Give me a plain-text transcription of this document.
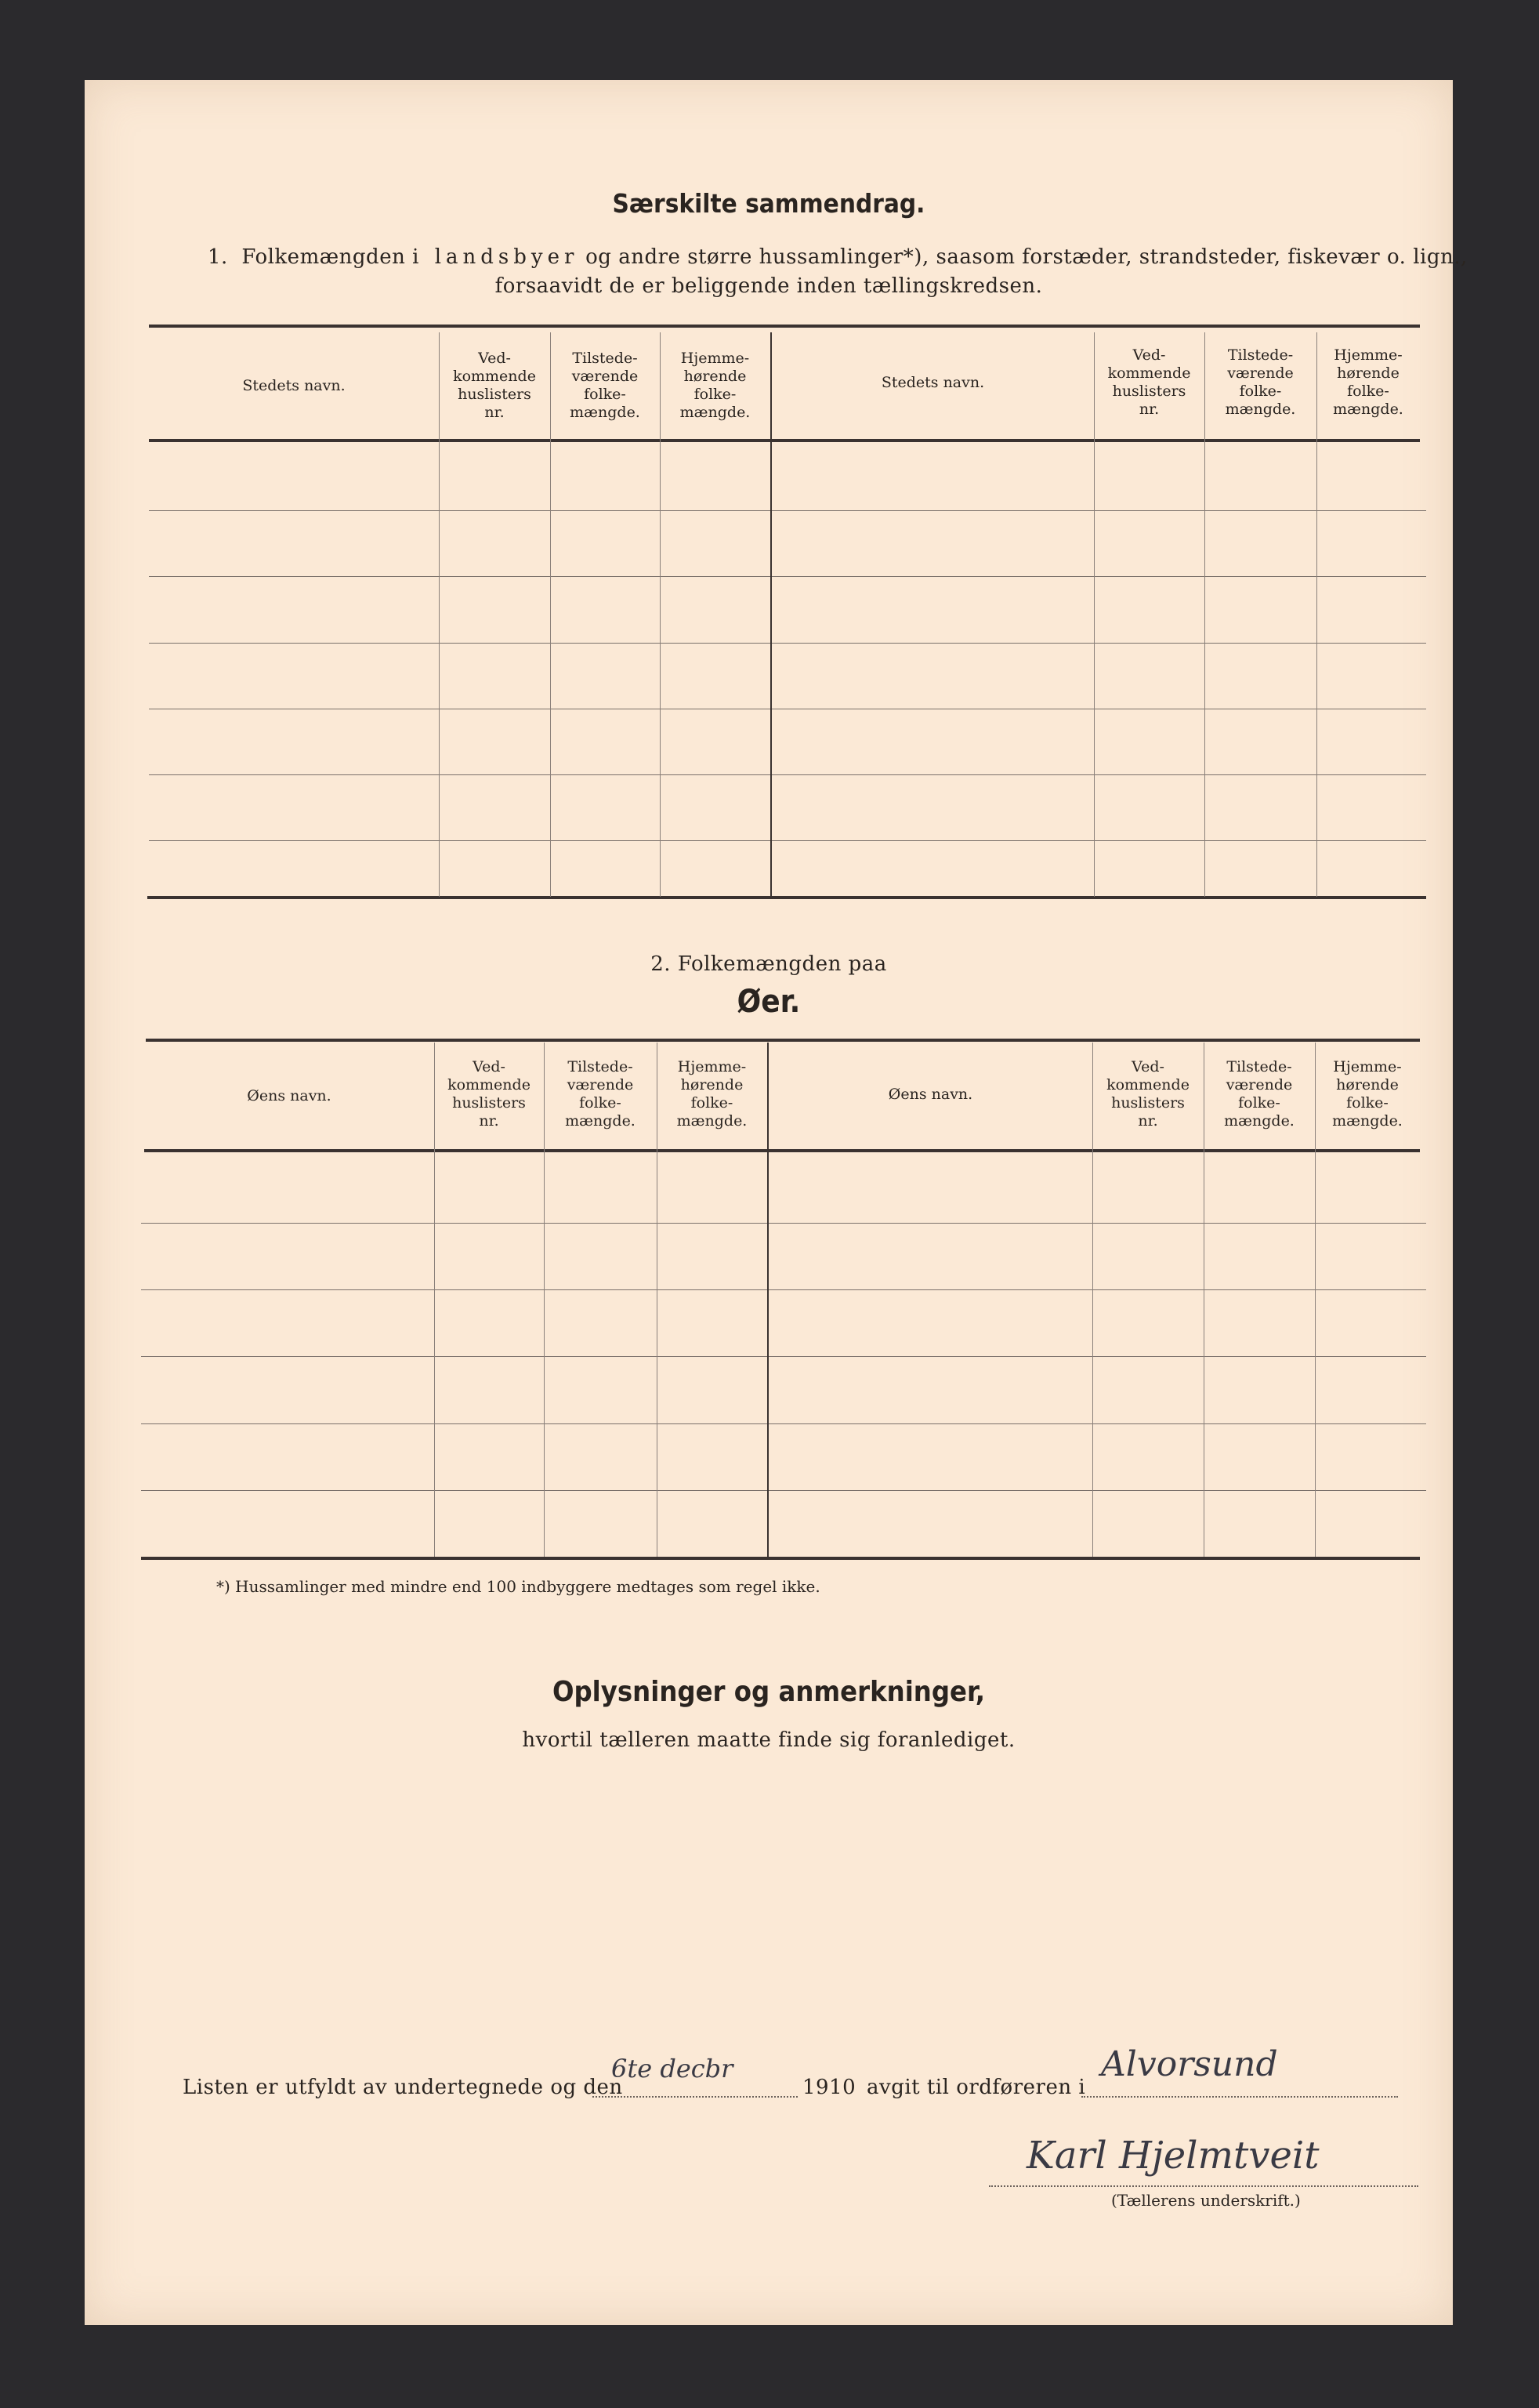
Særskilte sammendrag.
1. Folkemængden i landsbyer og andre større hussamlinger*), saasom forstæder, strandsteder, fiskevær o. lign.,
forsaavidt de er beliggende inden tællingskredsen.
Stedets navn.
Ved-
kommende
huslisters
nr.
Tilstede-
værende
folke-
mængde.
Hjemme-
hørende
folke-
mængde.
Stedets navn.
Ved-
kommende
huslisters
nr.
Tilstede-
værende
folke-
mængde.
Hjemme-
hørende
folke-
mængde.
2. Folkemængden paa
Øer.
Øens navn.
Ved-
kommende
huslisters
nr.
Tilstede-
værende
folke-
mængde.
Hjemme-
hørende
folke-
mængde.
Øens navn.
Ved-
kommende
huslisters
nr.
Tilstede-
værende
folke-
mængde.
Hjemme-
hørende
folke-
mængde.
*) Hussamlinger med mindre end 100 indbyggere medtages som regel ikke.
Oplysninger og anmerkninger,
hvortil tælleren maatte finde sig foranlediget.
Listen er utfyldt av undertegnede og den
6te decbr
1910 avgit til ordføreren i
Alvorsund
Karl Hjelmtveit
(Tællerens underskrift.)
